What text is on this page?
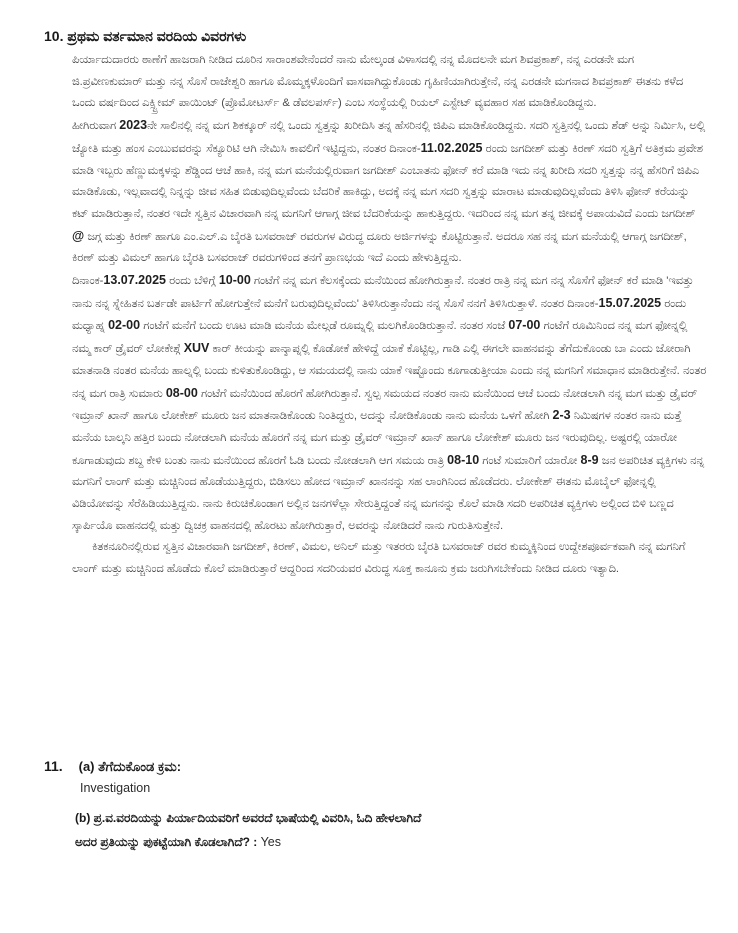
10. ಪ್ರಥಮ ವರ್ತಮಾನ ವರದಿಯ ವಿವರಗಳು

ಪಿರ್ಯಾದುದಾರರು ಠಾಣೆಗೆ ಹಾಜರಾಗಿ ನೀಡಿದ ದೂರಿನ ಸಾರಾಂಶವೇನೆಂದರೆ ನಾನು ಮೇಲ್ಕಂಡ ವಿಳಾಸದಲ್ಲಿ ನನ್ನ ಮೊದಲನೇ ಮಗ ಶಿವಪ್ರಕಾಶ್, ನನ್ನ ಎರಡನೇ ಮಗ ಜಿ.ಪ್ರವೀಣಕುಮಾರ್ ಮತ್ತು ನನ್ನ ಸೊಸೆ ರಾಜೇಶ್ವರಿ ಹಾಗೂ ಮೊಮ್ಮಕ್ಕಳೊಂದಿಗೆ ವಾಸವಾಗಿದ್ದುಕೊಂಡು ಗೃಹಿಣಿಯಾಗಿರುತ್ತೇನೆ, ನನ್ನ ಎರಡನೇ ಮಗನಾದ ಶಿವಪ್ರಕಾಶ್ ಈತನು ಕಳೆದ ಒಂದು ವರ್ಷದಿಂದ ಎಕ್ಸ್ಟ್ರೀಮ್ ಪಾಯಿಂಟ್ (ಪ್ರೊಮೋಟರ್ಸ್ & ಡೆವಲಪರ್ಸ್) ಎಂಬ ಸಂಸ್ಥೆಯಲ್ಲಿ ರಿಯಲ್ ಎಸ್ಟೇಟ್ ವ್ಯವಹಾರ ಸಹ ಮಾಡಿಕೊಂಡಿದ್ದನು.

ಹೀಗಿರುವಾಗ 2023ನೇ ಸಾಲಿನಲ್ಲಿ ನನ್ನ ಮಗ ಶಿಕಕ್ಕೂರ್ ನಲ್ಲಿ ಒಂದು ಸ್ವತ್ತನ್ನು ಖರೀದಿಸಿ ತನ್ನ ಹೆಸರಿನಲ್ಲಿ ಜಿಪಿಎ ಮಾಡಿಕೊಂಡಿದ್ದನು. ಸದರಿ ಸ್ವತ್ತಿನಲ್ಲಿ ಒಂದು ಶೆಡ್ ಅನ್ನು ನಿರ್ಮಿಸಿ, ಅಲ್ಲಿ ಜ್ಯೋತಿ ಮತ್ತು ಹಂಸ ಎಂಬುವವರನ್ನು ಸೆಕ್ಯೂರಿಟಿ ಆಗಿ ನೇಮಿಸಿ ಕಾವಲಿಗೆ ಇಟ್ಟಿದ್ದನು, ನಂತರ ದಿನಾಂಕ-11.02.2025 ರಂದು ಜಗದೀಶ್ ಮತ್ತು ಕಿರಣ್ ಸದರಿ ಸ್ವತ್ತಿಗೆ ಅತಿಕ್ರಮ ಪ್ರವೇಶ ಮಾಡಿ ಇಬ್ಬರು ಹೆಣ್ಣುಮಕ್ಕಳನ್ನು ಶೆಡ್ಡಿಂದ ಆಚೆ ಹಾಕಿ, ನನ್ನ ಮಗ ಮನೆಯಲ್ಲಿರುವಾಗ ಜಗದೀಶ್ ಎಂಬಾತನು ಫೋನ್ ಕರೆ ಮಾಡಿ ಇದು ನನ್ನ ಖರೀದಿ ಸದರಿ ಸ್ವತ್ತನ್ನು ನನ್ನ ಹೆಸರಿಗೆ ಜಿಪಿಎ ಮಾಡಿಕೊಡು, ಇಲ್ಲವಾದಲ್ಲಿ ನಿನ್ನನ್ನು ಜೀವ ಸಹಿತ ಬಿಡುವುದಿಲ್ಲವೆಂದು ಬೆದರಿಕೆ ಹಾಕಿದ್ದು, ಅದಕ್ಕೆ ನನ್ನ ಮಗ ಸದರಿ ಸ್ವತ್ತನ್ನು ಮಾರಾಟ ಮಾಡುವುದಿಲ್ಲವೆಂದು ತಿಳಿಸಿ ಫೋನ್ ಕರೆಯನ್ನು ಕಟ್ ಮಾಡಿರುತ್ತಾನೆ, ನಂತರ ಇದೇ ಸ್ವತ್ತಿನ ವಿಚಾರವಾಗಿ ನನ್ನ ಮಗನಿಗೆ ಆಗಾಗ್ಗ ಜೀವ ಬೆದರಿಕೆಯನ್ನು ಹಾಕುತ್ತಿದ್ದರು. ಇದರಿಂದ ನನ್ನ ಮಗ ತನ್ನ ಜೀವಕ್ಕೆ ಅಪಾಯವಿದೆ ಎಂದು ಜಗದೀಶ್ @ ಜಗ್ಗ ಮತ್ತು ಕಿರಣ್ ಹಾಗೂ ಎಂ.ಎಲ್.ಎ ಬೈರತಿ ಬಸವರಾಜ್ ರವರುಗಳ ವಿರುದ್ಧ ದೂರು ಅರ್ಜಿಗಳನ್ನು ಕೊಟ್ಟಿರುತ್ತಾನೆ. ಅದರೂ ಸಹ ನನ್ನ ಮಗ ಮನೆಯಲ್ಲಿ ಆಗಾಗ್ಗ ಜಗದೀಶ್, ಕಿರಣ್ ಮತ್ತು ವಿಮಲ್ ಹಾಗೂ ಬೈರತಿ ಬಸವರಾಜ್ ರವರುಗಳಿಂದ ತನಗೆ ಪ್ರಾಣಭಯ ಇದೆ ಎಂದು ಹೇಳುತ್ತಿದ್ದನು.

ದಿನಾಂಕ-13.07.2025 ರಂದು ಬೆಳಿಗ್ಗೆ 10-00 ಗಂಟೆಗೆ ನನ್ನ ಮಗ ಕೆಲಸಕ್ಕೆಂದು ಮನೆಯಿಂದ ಹೋಗಿರುತ್ತಾನೆ. ನಂತರ ರಾತ್ರಿ ನನ್ನ ಮಗ ನನ್ನ ಸೊಸೆಗೆ ಫೋನ್ ಕರೆ ಮಾಡಿ 'ಇವತ್ತು ನಾನು ನನ್ನ ಸ್ನೇಹಿತನ ಬರ್ತಡೇ ಪಾರ್ಟಿಗೆ ಹೋಗುತ್ತೇನೆ ಮನೆಗೆ ಬರುವುದಿಲ್ಲವೆಂದು' ತಿಳಿಸಿರುತ್ತಾನೆಂದು ನನ್ನ ಸೊಸೆ ನನಗೆ ತಿಳಿಸಿರುತ್ತಾಳೆ. ನಂತರ ದಿನಾಂಕ-15.07.2025 ರಂದು ಮಧ್ಯಾಹ್ನ 02-00 ಗಂಟೆಗೆ ಮನೆಗೆ ಬಂದು ಊಟ ಮಾಡಿ ಮನೆಯ ಮೇಲ್ಗಡೆ ರೂಮ್ನಲ್ಲಿ ಮಲಗಿಕೊಂಡಿರುತ್ತಾನೆ. ನಂತರ ಸಂಜೆ 07-00 ಗಂಟೆಗೆ ರೂಮಿನಿಂದ ನನ್ನ ಮಗ ಫೋನ್ನಲ್ಲಿ ನಮ್ಮ ಕಾರ್ ಡ್ರೈವರ್ ಲೋಕೇಶ್ಗೆ XUV ಕಾರ್ ಕೀಯನ್ನು ಪಾನ್ಶಾಪ್ನಲ್ಲಿ ಕೊಡೋಕೆ ಹೇಳಿದ್ದೆ ಯಾಕೆ ಕೊಟ್ಟಿಲ್ಲ, ಗಾಡಿ ಎಲ್ಲಿ ಈಗಲೇ ವಾಹನವನ್ನು ತೆಗೆದುಕೊಂಡು ಬಾ ಎಂದು ಜೋರಾಗಿ ಮಾತನಾಡಿ ನಂತರ ಮನೆಯ ಹಾಲ್ನಲ್ಲಿ ಬಂದು ಕುಳಿತುಕೊಂಡಿದ್ದು, ಆ ಸಮಯದಲ್ಲಿ ನಾನು ಯಾಕೆ ಇಷ್ಟೊಂದು ಕೂಗಾಡುತ್ತೀಯಾ ಎಂದು ನನ್ನ ಮಗನಿಗೆ ಸಮಾಧಾನ ಮಾಡಿರುತ್ತೇನೆ. ನಂತರ ನನ್ನ ಮಗ ರಾತ್ರಿ ಸುಮಾರು 08-00 ಗಂಟೆಗೆ ಮನೆಯಿಂದ ಹೊರಗೆ ಹೋಗಿರುತ್ತಾನೆ. ಸ್ವಲ್ಪ ಸಮಯದ ನಂತರ ನಾನು ಮನೆಯಿಂದ ಆಚೆ ಬಂದು ನೋಡಲಾಗಿ ನನ್ನ ಮಗ ಮತ್ತು ಡ್ರೈವರ್ ಇಮ್ರಾನ್ ಖಾನ್ ಹಾಗೂ ಲೋಕೇಶ್ ಮೂರು ಜನ ಮಾತನಾಡಿಕೊಂಡು ನಿಂತಿದ್ದರು, ಅದನ್ನು ನೋಡಿಕೊಂಡು ನಾನು ಮನೆಯ ಒಳಗೆ ಹೋಗಿ 2-3 ನಿಮಿಷಗಳ ನಂತರ ನಾನು ಮತ್ತೆ ಮನೆಯ ಬಾಲ್ಕನಿ ಹತ್ತಿರ ಬಂದು ನೋಡಲಾಗಿ ಮನೆಯ ಹೊರಗೆ ನನ್ನ ಮಗ ಮತ್ತು ಡ್ರೈವರ್ ಇಮ್ರಾನ್ ಖಾನ್ ಹಾಗೂ ಲೋಕೇಶ್ ಮೂರು ಜನ ಇರುವುದಿಲ್ಲ. ಅಷ್ಟರಲ್ಲಿ ಯಾರೋ ಕೂಗಾಡುವುದು ಶಬ್ದ ಕೇಳಿ ಬಂತು ನಾನು ಮನೆಯಿಂದ ಹೊರಗೆ ಓಡಿ ಬಂದು ನೋಡಲಾಗಿ ಆಗ ಸಮಯ ರಾತ್ರಿ 08-10 ಗಂಟೆ ಸುಮಾರಿಗೆ ಯಾರೋ 8-9 ಜನ ಅಪರಿಚಿತ ವ್ಯಕ್ತಿಗಳು ನನ್ನ ಮಗನಿಗೆ ಲಾಂಗ್ ಮತ್ತು ಮಚ್ಚಿನಿಂದ ಹೊಡೆಯುತ್ತಿದ್ದರು, ಬಿಡಿಸಲು ಹೋದ ಇಮ್ರಾನ್ ಖಾನನನ್ನು ಸಹ ಲಾಂಗಿನಿಂದ ಹೊಡೆದರು. ಲೋಕೇಶ್ ಈತನು ಮೊಬೈಲ್ ಫೋನ್ನಲ್ಲಿ ವಿಡಿಯೋವನ್ನು ಸೆರೆಹಿಡಿಯುತ್ತಿದ್ದನು. ನಾನು ಕಿರುಚಿಕೊಂಡಾಗ ಅಲ್ಲಿನ ಜನಗಳೆಲ್ಲಾ ಸೇರುತ್ತಿದ್ದಂತೆ ನನ್ನ ಮಗನನ್ನು ಕೊಲೆ ಮಾಡಿ ಸದರಿ ಅಪರಿಚಿತ ವ್ಯಕ್ತಿಗಳು ಅಲ್ಲಿಂದ ಬಿಳಿ ಬಣ್ಣದ ಸ್ಕಾರ್ಪಿಯೊ ವಾಹನದಲ್ಲಿ ಮತ್ತು ದ್ವಿಚಕ್ರ ವಾಹನದಲ್ಲಿ ಹೊರಟು ಹೋಗಿರುತ್ತಾರೆ, ಅವರನ್ನು ನೋಡಿದರೆ ನಾನು ಗುರುತಿಸುತ್ತೇನೆ.

ಕಿತಕನೂರಿನಲ್ಲಿರುವ ಸ್ವತ್ತಿನ ವಿಚಾರವಾಗಿ ಜಗದೀಶ್, ಕಿರಣ್, ವಿಮಲ, ಅನಿಲ್ ಮತ್ತು ಇತರರು ಬೈರತಿ ಬಸವರಾಜ್ ರವರ ಕುಮ್ಮಕ್ಕಿನಿಂದ ಉದ್ದೇಶಪೂರ್ವಕವಾಗಿ ನನ್ನ ಮಗನಿಗೆ ಲಾಂಗ್ ಮತ್ತು ಮಚ್ಚಿನಿಂದ ಹೊಡೆದು ಕೊಲೆ ಮಾಡಿರುತ್ತಾರೆ ಆದ್ದರಿಂದ ಸದರಿಯವರ ವಿರುದ್ಧ ಸೂಕ್ತ ಕಾನೂನು ಕ್ರಮ ಜರುಗಿಸಬೇಕೆಂದು ನೀಡಿದ ದೂರು ಇತ್ಯಾದಿ.

11. (a) ತೆಗೆದುಕೊಂಡ ಕ್ರಮ:
Investigation
(b) ಪ್ರ.ವ.ವರದಿಯನ್ನು ಪಿರ್ಯಾದಿಯವರಿಗೆ ಅವರದೆ ಭಾಷೆಯಲ್ಲಿ ವಿವರಿಸಿ, ಓದಿ ಹೇಳಲಾಗಿದೆ
ಅದರ ಪ್ರತಿಯನ್ನು ಪುಕಟ್ಟೆಯಾಗಿ ಕೊಡಲಾಗಿದೆ? : Yes
